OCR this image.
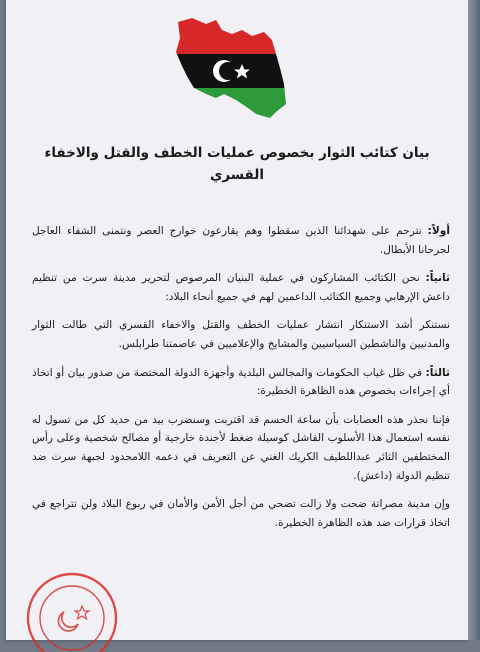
بيان كتائب الثوار بخصوص عمليات الخطف والقتل والاخفاء
القسري

أولاً: نترحم على شهدائنا الذين سقطوا وهم يقارعون خوارج العصر ونتمنى الشفاء العاجل لجرحانا الأبطال.

ثانياً: نحن الكتائب المشاركون في عملية البنيان المرصوص لتحرير مدينة سرت من تنظيم داعش الإرهابي وجميع الكتائب الداعمين لهم في جميع أنحاء البلاد:

نستنكر أشد الاستنكار انتشار عمليات الخطف والقتل والاخفاء القسري التي طالت الثوار والمدنيين والناشطين السياسيين والمشايخ والإعلاميين في عاصمتنا طرابلس.

ثالثاً: في ظل غياب الحكومات والمجالس البلدية وأجهزة الدولة المختصة من صدور بيان أو اتخاذ أي إجراءات بخصوص هذه الظاهرة الخطيرة:

فإننا نحذر هذه العصابات بأن ساعة الحسم قد اقتربت وسنضرب بيد من حديد كل من تسول له نفسه استعمال هذا الأسلوب الفاشل كوسيلة ضغط لأجندة خارجية أو مصالح شخصية وعلى رأس المختطفين الثائر عبداللطيف الكريك الغني عن التعريف في دعمه اللامحدود لجبهة سرت ضد تنظيم الدولة (داعش).

وإن مدينة مصراتة ضحت ولا زالت تضحي من أجل الأمن والأمان في ربوع البلاد ولن تتراجع في اتخاذ قرارات ضد هذه الظاهرة الخطيرة.
